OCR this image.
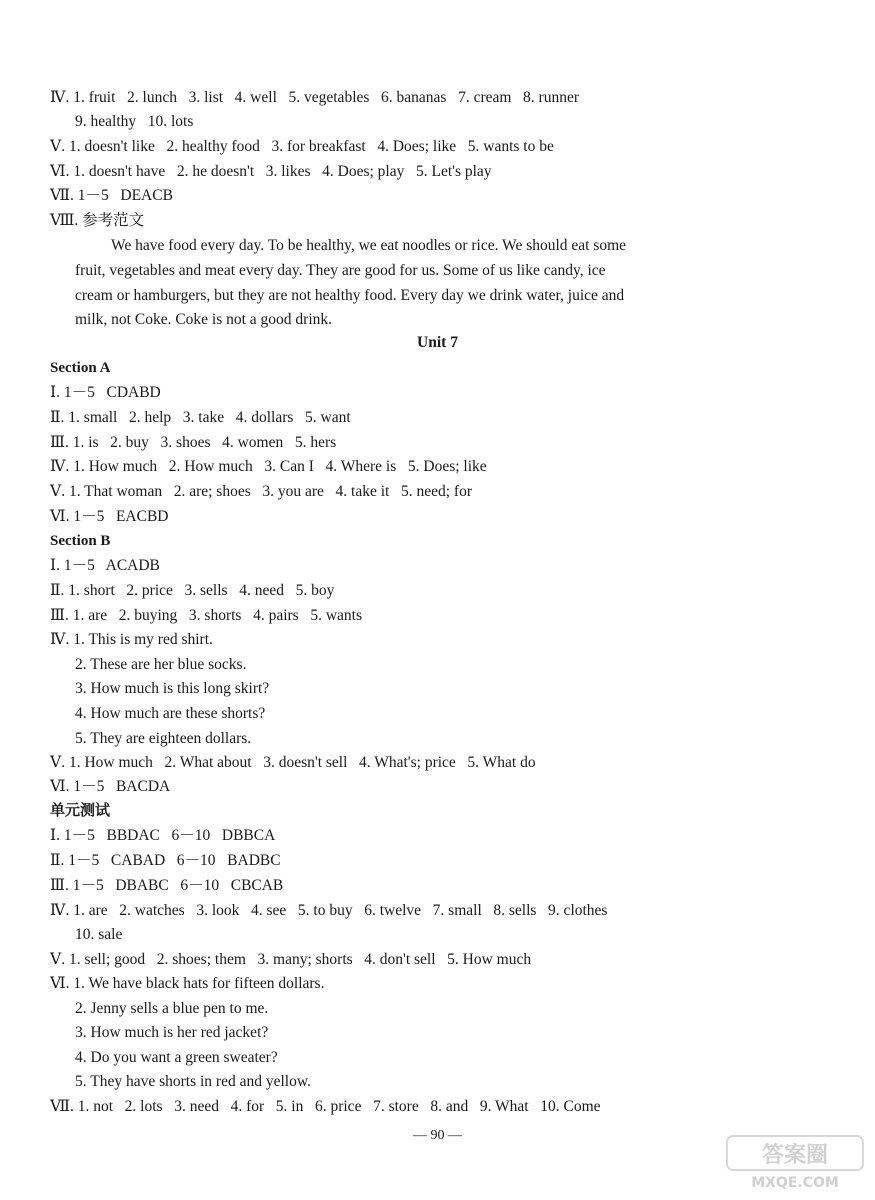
Ⅳ. 1. fruit   2. lunch   3. list   4. well   5. vegetables   6. bananas   7. cream   8. runner
9. healthy   10. lots
Ⅴ. 1. doesn't like   2. healthy food   3. for breakfast   4. Does; like   5. wants to be
Ⅵ. 1. doesn't have   2. he doesn't   3. likes   4. Does; play   5. Let's play
Ⅶ. 1－5   DEACB
Ⅷ. 参考范文
We have food every day. To be healthy, we eat noodles or rice. We should eat some
fruit, vegetables and meat every day. They are good for us. Some of us like candy, ice
cream or hamburgers, but they are not healthy food. Every day we drink water, juice and
milk, not Coke. Coke is not a good drink.
Unit 7
Section A
Ⅰ. 1－5   CDABD
Ⅱ. 1. small   2. help   3. take   4. dollars   5. want
Ⅲ. 1. is   2. buy   3. shoes   4. women   5. hers
Ⅳ. 1. How much   2. How much   3. Can I   4. Where is   5. Does; like
Ⅴ. 1. That woman   2. are; shoes   3. you are   4. take it   5. need; for
Ⅵ. 1－5   EACBD
Section B
Ⅰ. 1－5   ACADB
Ⅱ. 1. short   2. price   3. sells   4. need   5. boy
Ⅲ. 1. are   2. buying   3. shorts   4. pairs   5. wants
Ⅳ. 1. This is my red shirt.
2. These are her blue socks.
3. How much is this long skirt?
4. How much are these shorts?
5. They are eighteen dollars.
Ⅴ. 1. How much   2. What about   3. doesn't sell   4. What's; price   5. What do
Ⅵ. 1－5   BACDA
单元测试
Ⅰ. 1－5   BBDAC   6－10   DBBCA
Ⅱ. 1－5   CABAD   6－10   BADBC
Ⅲ. 1－5   DBABC   6－10   CBCAB
Ⅳ. 1. are   2. watches   3. look   4. see   5. to buy   6. twelve   7. small   8. sells   9. clothes
10. sale
Ⅴ. 1. sell; good   2. shoes; them   3. many; shorts   4. don't sell   5. How much
Ⅵ. 1. We have black hats for fifteen dollars.
2. Jenny sells a blue pen to me.
3. How much is her red jacket?
4. Do you want a green sweater?
5. They have shorts in red and yellow.
Ⅶ. 1. not   2. lots   3. need   4. for   5. in   6. price   7. store   8. and   9. What   10. Come
— 90 —
答案圈
MXQE.COM
